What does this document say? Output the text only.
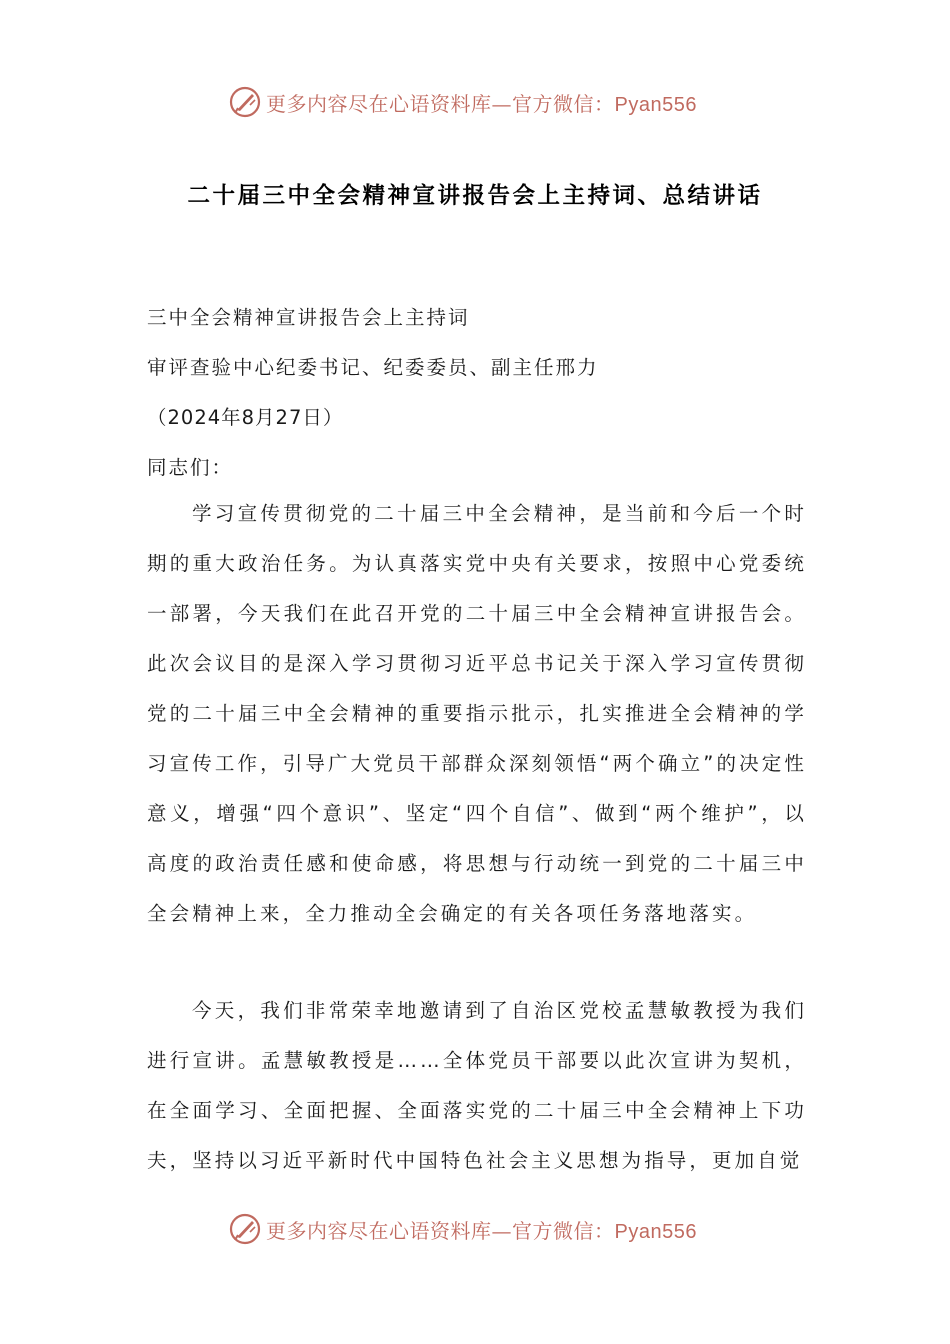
更多内容尽在心语资料库—官方微信：Pyan556
二十届三中全会精神宣讲报告会上主持词、总结讲话
三中全会精神宣讲报告会上主持词
审评查验中心纪委书记、纪委委员、副主任邢力
（2024年8月27日）
同志们：

学习宣传贯彻党的二十届三中全会精神，是当前和今后一个时期的重大政治任务。为认真落实党中央有关要求，按照中心党委统一部署，今天我们在此召开党的二十届三中全会精神宣讲报告会。此次会议目的是深入学习贯彻习近平总书记关于深入学习宣传贯彻党的二十届三中全会精神的重要指示批示，扎实推进全会精神的学习宣传工作，引导广大党员干部群众深刻领悟“两个确立”的决定性意义，增强“四个意识”、坚定“四个自信”、做到“两个维护”，以高度的政治责任感和使命感，将思想与行动统一到党的二十届三中全会精神上来，全力推动全会确定的有关各项任务落地落实。

今天，我们非常荣幸地邀请到了自治区党校孟慧敏教授为我们进行宣讲。孟慧敏教授是……全体党员干部要以此次宣讲为契机，在全面学习、全面把握、全面落实党的二十届三中全会精神上下功夫，坚持以习近平新时代中国特色社会主义思想为指导，更加自觉

更多内容尽在心语资料库—官方微信：Pyan556
